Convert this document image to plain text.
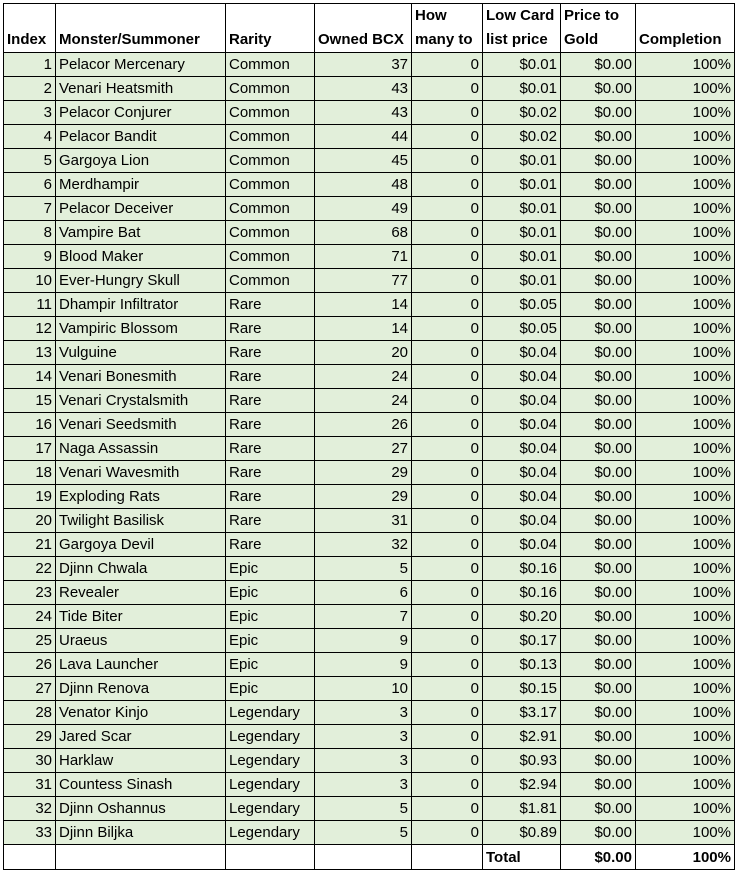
Index	Monster/Summoner	Rarity	Owned BCX	How many to	Low Card list price	Price to Gold	Completion
1	Pelacor Mercenary	Common	37	0	$0.01	$0.00	100%
2	Venari Heatsmith	Common	43	0	$0.01	$0.00	100%
3	Pelacor Conjurer	Common	43	0	$0.02	$0.00	100%
4	Pelacor Bandit	Common	44	0	$0.02	$0.00	100%
5	Gargoya Lion	Common	45	0	$0.01	$0.00	100%
6	Merdhampir	Common	48	0	$0.01	$0.00	100%
7	Pelacor Deceiver	Common	49	0	$0.01	$0.00	100%
8	Vampire Bat	Common	68	0	$0.01	$0.00	100%
9	Blood Maker	Common	71	0	$0.01	$0.00	100%
10	Ever-Hungry Skull	Common	77	0	$0.01	$0.00	100%
11	Dhampir Infiltrator	Rare	14	0	$0.05	$0.00	100%
12	Vampiric Blossom	Rare	14	0	$0.05	$0.00	100%
13	Vulguine	Rare	20	0	$0.04	$0.00	100%
14	Venari Bonesmith	Rare	24	0	$0.04	$0.00	100%
15	Venari Crystalsmith	Rare	24	0	$0.04	$0.00	100%
16	Venari Seedsmith	Rare	26	0	$0.04	$0.00	100%
17	Naga Assassin	Rare	27	0	$0.04	$0.00	100%
18	Venari Wavesmith	Rare	29	0	$0.04	$0.00	100%
19	Exploding Rats	Rare	29	0	$0.04	$0.00	100%
20	Twilight Basilisk	Rare	31	0	$0.04	$0.00	100%
21	Gargoya Devil	Rare	32	0	$0.04	$0.00	100%
22	Djinn Chwala	Epic	5	0	$0.16	$0.00	100%
23	Revealer	Epic	6	0	$0.16	$0.00	100%
24	Tide Biter	Epic	7	0	$0.20	$0.00	100%
25	Uraeus	Epic	9	0	$0.17	$0.00	100%
26	Lava Launcher	Epic	9	0	$0.13	$0.00	100%
27	Djinn Renova	Epic	10	0	$0.15	$0.00	100%
28	Venator Kinjo	Legendary	3	0	$3.17	$0.00	100%
29	Jared Scar	Legendary	3	0	$2.91	$0.00	100%
30	Harklaw	Legendary	3	0	$0.93	$0.00	100%
31	Countess Sinash	Legendary	3	0	$2.94	$0.00	100%
32	Djinn Oshannus	Legendary	5	0	$1.81	$0.00	100%
33	Djinn Biljka	Legendary	5	0	$0.89	$0.00	100%
					Total	$0.00	100%
